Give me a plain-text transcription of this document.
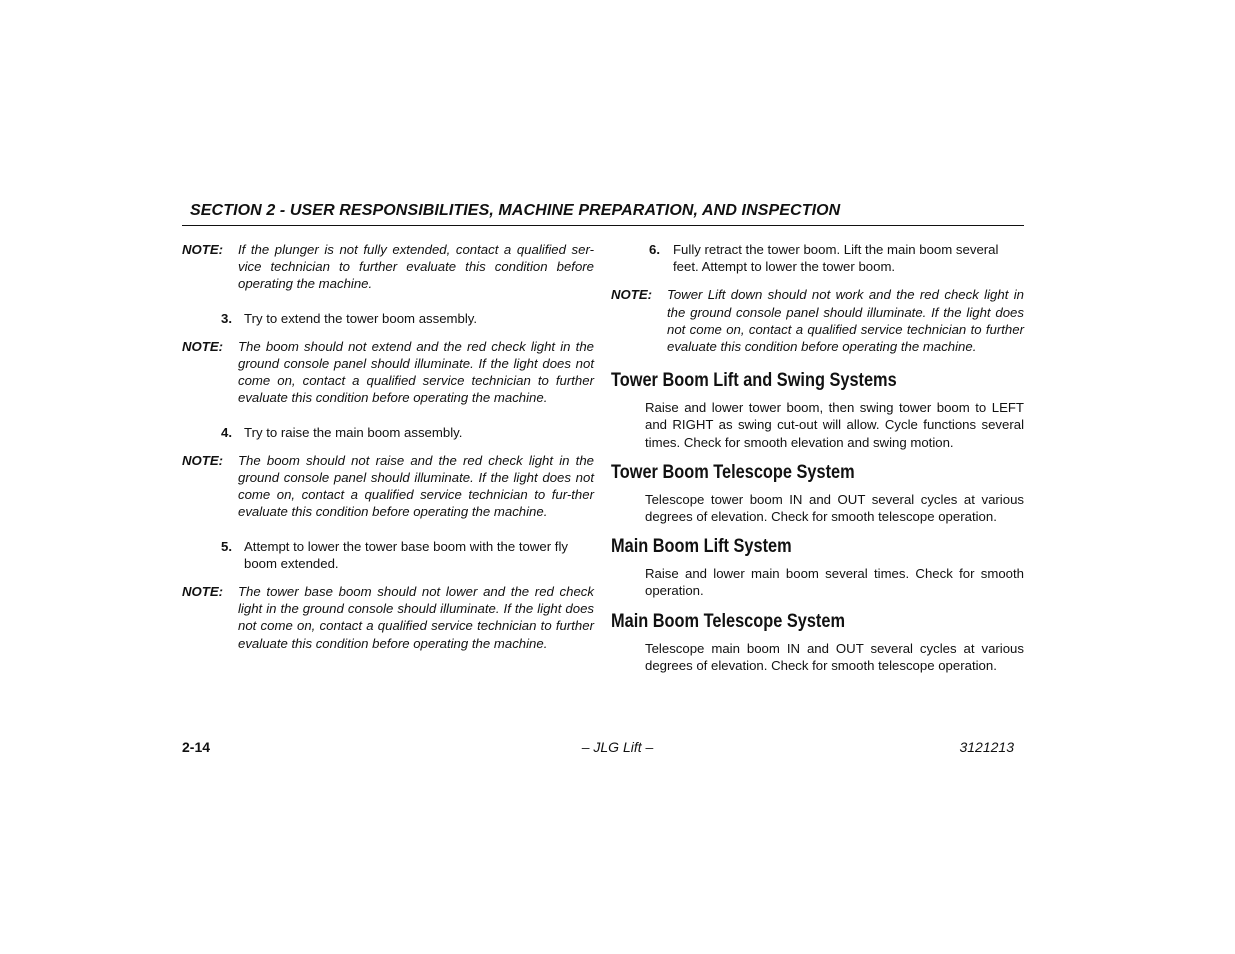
SECTION 2 - USER RESPONSIBILITIES, MACHINE PREPARATION, AND INSPECTION
NOTE:	If the plunger is not fully extended, contact a qualified ser-vice technician to further evaluate this condition before operating the machine.
3. Try to extend the tower boom assembly.
NOTE:	The boom should not extend and the red check light in the ground console panel should illuminate. If the light does not come on, contact a qualified service technician to further evaluate this condition before operating the machine.
4. Try to raise the main boom assembly.
NOTE:	The boom should not raise and the red check light in the ground console panel should illuminate. If the light does not come on, contact a qualified service technician to fur-ther evaluate this condition before operating the machine.
5. Attempt to lower the tower base boom with the tower fly boom extended.
NOTE:	The tower base boom should not lower and the red check light in the ground console should illuminate. If the light does not come on, contact a qualified service technician to further evaluate this condition before operating the machine.
6. Fully retract the tower boom. Lift the main boom several feet. Attempt to lower the tower boom.
NOTE:	Tower Lift down should not work and the red check light in the ground console panel should illuminate. If the light does not come on, contact a qualified service technician to further evaluate this condition before operating the machine.
Tower Boom Lift and Swing Systems
Raise and lower tower boom, then swing tower boom to LEFT and RIGHT as swing cut-out will allow. Cycle functions several times. Check for smooth elevation and swing motion.
Tower Boom Telescope System
Telescope tower boom IN and OUT several cycles at various degrees of elevation. Check for smooth telescope operation.
Main Boom Lift System
Raise and lower main boom several times. Check for smooth operation.
Main Boom Telescope System
Telescope main boom IN and OUT several cycles at various degrees of elevation. Check for smooth telescope operation.
2-14	– JLG Lift –	3121213
